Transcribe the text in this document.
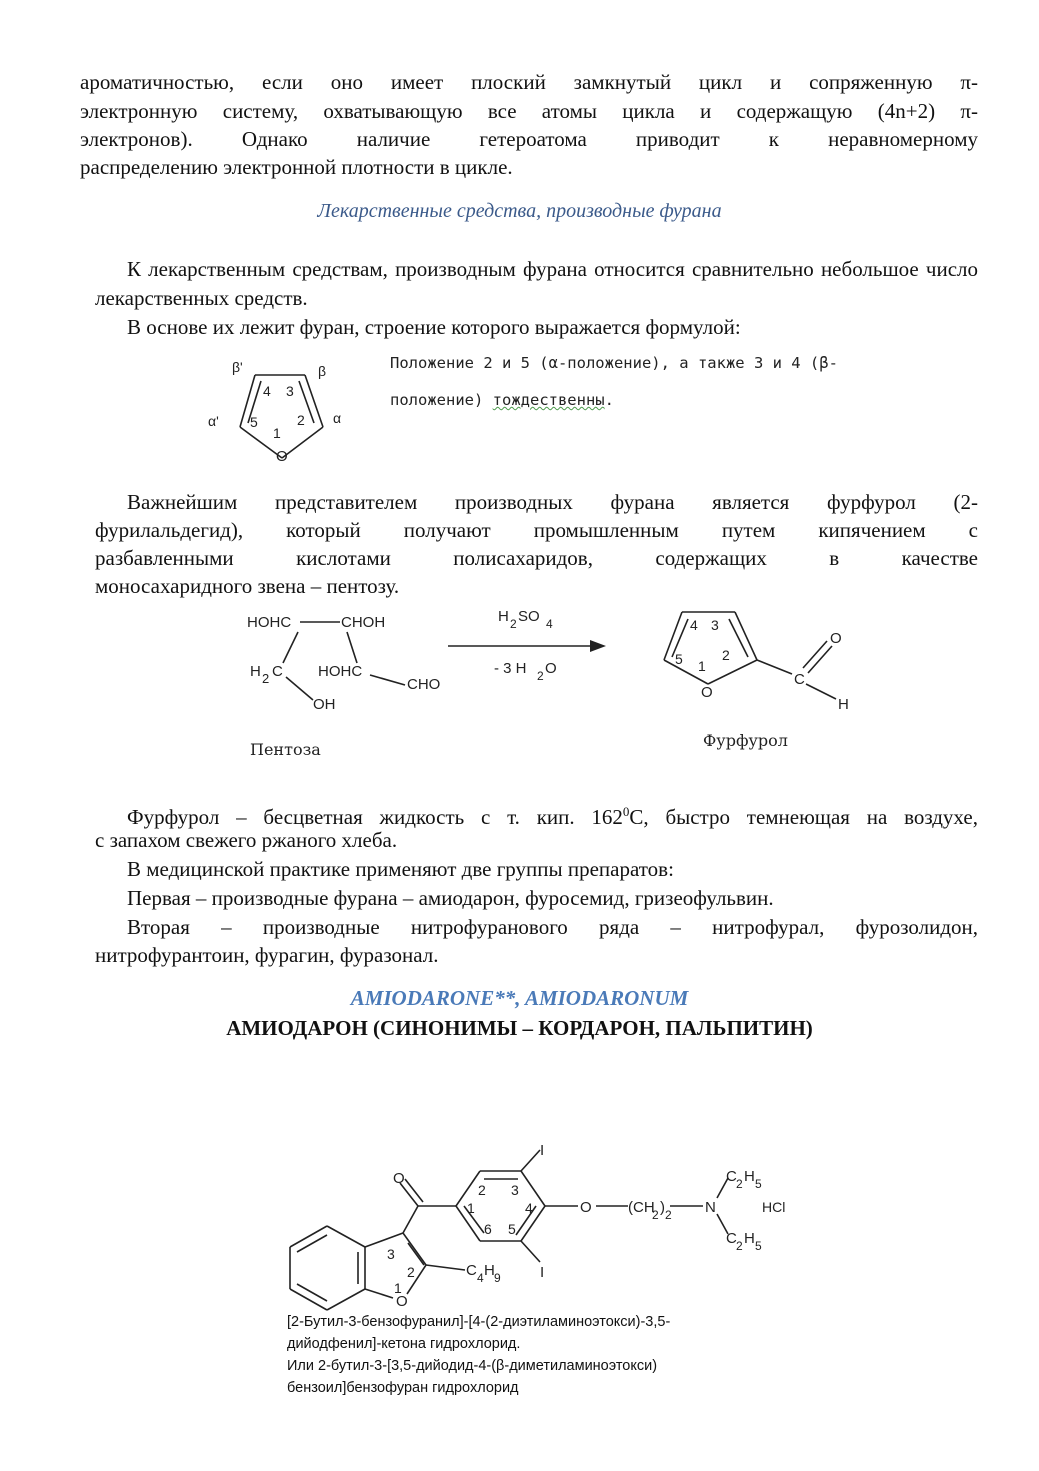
ароматичностью, если оно имеет плоский замкнутый цикл и сопряженную π-
электронную систему, охватывающую все атомы цикла и содержащую (4n+2) π-
электронов). Однако наличие гетероатома приводит к неравномерному
распределению электронной плотности в цикле.
Лекарственные средства, производные фурана
К лекарственным средствам, производным фурана относится сравнительно небольшое число лекарственных средств.
В основе их лежит фуран, строение которого выражается формулой:
Положение 2 и 5 (α-положение), а также 3 и 4 (β-
положение) тождественны.
Важнейшим представителем производных фурана является фурфурол (2-
фурилальдегид), который получают промышленным путем кипячением с
разбавленными кислотами полисахаридов, содержащих в качестве
моносахаридного звена – пентозу.
Фурфурол – бесцветная жидкость с т. кип. $162^0С$, быстро темнеющая на воздухе,
с запахом свежего ржаного хлеба.
В медицинской практике применяют две группы препаратов:
Первая – производные фурана – амиодарон, фуросемид, гризеофульвин.
Вторая – производные нитрофуранового ряда – нитрофурал, фурозолидон,
нитрофурантоин, фурагин, фуразонал.
AMIODARONE**, AMIODARONUM
АМИОДАРОН (СИНОНИМЫ – КОРДАРОН, ПАЛЬПИТИН)
[2-Бутил-3-бензофуранил]-[4-(2-диэтиламиноэтокси)-3,5-
дийодфенил]-кетона гидрохлорид.
Или 2-бутил-3-[3,5-дийодид-4-(β-диметиламиноэтокси)
бензоил]бензофуран гидрохлорид
β'	β
α'	α
4 3
5	2
1
O
HOHC	CHOH
H 2 C HOHC
CHO
OH
Пентоза
H 2 SO 4
- 3 H 2 O
4 3
5	2
1
O
C
O
H
Фурфурол
O
I
I
O (CH
2 ) 2 N
C 2 H 5
C 2 H 5
HCl
C 4 H 9
O
1
2
3
1
2 3
4
5
6
